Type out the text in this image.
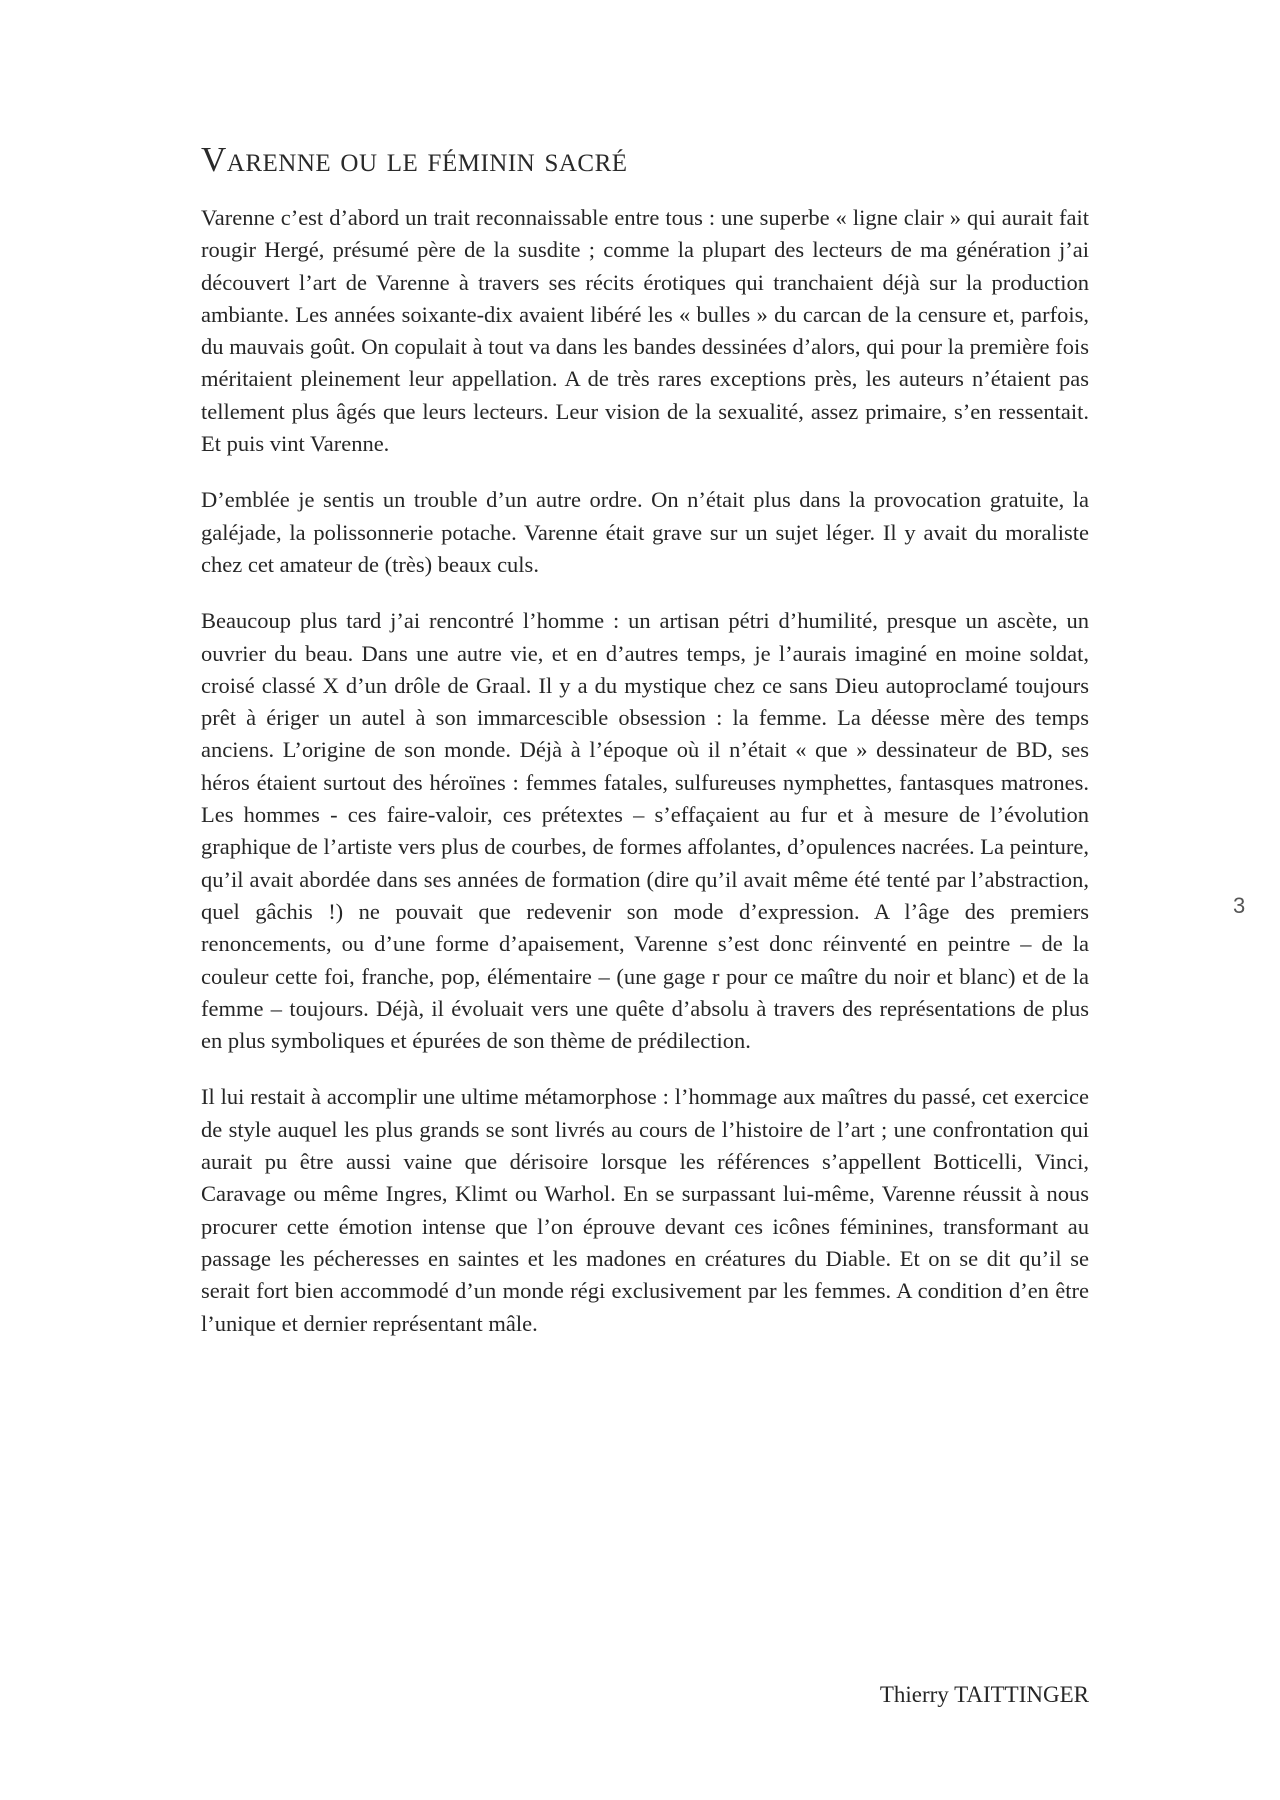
Varenne ou le féminin sacré

Varenne c’est d’abord un trait reconnaissable entre tous : une superbe « ligne clair » qui aurait fait rougir Hergé, présumé père de la susdite ; comme la plupart des lecteurs de ma génération j’ai découvert l’art de Varenne à travers ses récits érotiques qui tranchaient déjà sur la production ambiante. Les années soixante-dix avaient libéré les « bulles » du carcan de la censure et, parfois, du mauvais goût. On copulait à tout va dans les bandes dessinées d’alors, qui pour la première fois méritaient pleinement leur appellation. A de très rares exceptions près, les auteurs n’étaient pas tellement plus âgés que leurs lecteurs. Leur vision de la sexualité, assez primaire, s’en ressentait. Et puis vint Varenne.

D’emblée je sentis un trouble d’un autre ordre. On n’était plus dans la provocation gratuite, la galéjade, la polissonnerie potache. Varenne était grave sur un sujet léger. Il y avait du moraliste chez cet amateur de (très) beaux culs.

Beaucoup plus tard j’ai rencontré l’homme : un artisan pétri d’humilité, presque un ascète, un ouvrier du beau. Dans une autre vie, et en d’autres temps, je l’aurais imaginé en moine soldat, croisé classé X d’un drôle de Graal. Il y a du mystique chez ce sans Dieu autoproclamé toujours prêt à ériger un autel à son immarcescible obsession : la femme. La déesse mère des temps anciens. L’origine de son monde. Déjà à l’époque où il n’était « que » dessinateur de BD, ses héros étaient surtout des héroïnes : femmes fatales, sulfureuses nymphettes, fantasques matrones. Les hommes - ces faire-valoir, ces prétextes – s’effaçaient au fur et à mesure de l’évolution graphique de l’artiste vers plus de courbes, de formes affolantes, d’opulences nacrées. La peinture, qu’il avait abordée dans ses années de formation (dire qu’il avait même été tenté par l’abstraction, quel gâchis !) ne pouvait que redevenir son mode d’expression. A l’âge des premiers renoncements, ou d’une forme d’apaisement, Varenne s’est donc réinventé en peintre – de la couleur cette foi, franche, pop, élémentaire – (une gage r pour ce maître du noir et blanc) et de la femme – toujours. Déjà, il évoluait vers une quête d’absolu à travers des représentations de plus en plus symboliques et épurées de son thème de prédilection.

Il lui restait à accomplir une ultime métamorphose : l’hommage aux maîtres du passé, cet exercice de style auquel les plus grands se sont livrés au cours de l’histoire de l’art ; une confrontation qui aurait pu être aussi vaine que dérisoire lorsque les références s’appellent Botticelli, Vinci, Caravage ou même Ingres, Klimt ou Warhol. En se surpassant lui-même, Varenne réussit à nous procurer cette émotion intense que l’on éprouve devant ces icônes féminines, transformant au passage les pécheresses en saintes et les madones en créatures du Diable. Et on se dit qu’il se serait fort bien accommodé d’un monde régi exclusivement par les femmes. A condition d’en être l’unique et dernier représentant mâle.

Thierry TAITTINGER
3
